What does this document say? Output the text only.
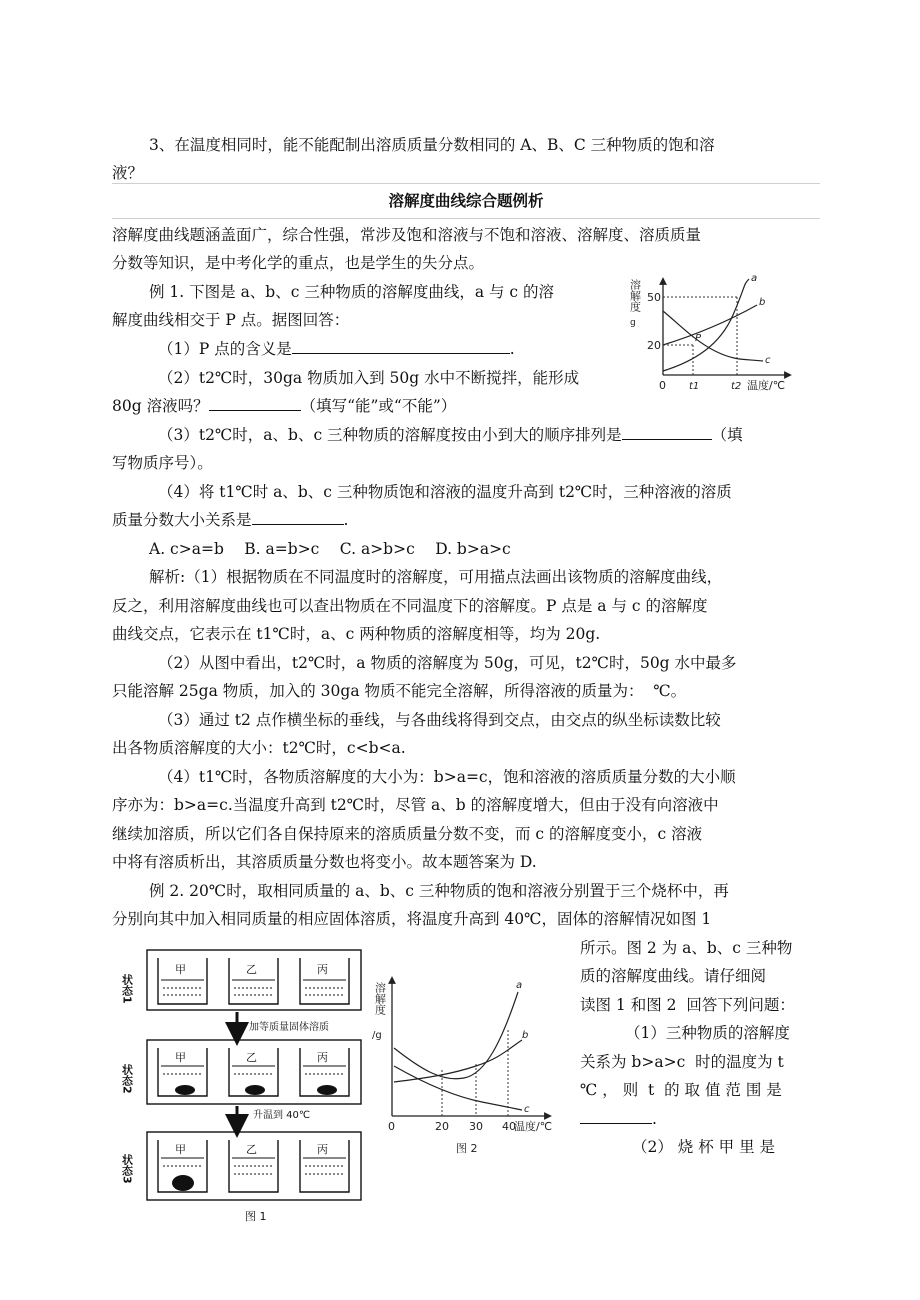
3、在温度相同时，能不能配制出溶质质量分数相同的 A、B、C 三种物质的饱和溶
液？
溶解度曲线综合题例析
溶解度曲线题涵盖面广，综合性强，常涉及饱和溶液与不饱和溶液、溶解度、溶质质量
分数等知识，是中考化学的重点，也是学生的失分点。
例 1. 下图是 a、b、c 三种物质的溶解度曲线，a 与 c 的溶
解度曲线相交于 P 点。据图回答：
（1）P 点的含义是	.
（2）t2℃时，30ga 物质加入到 50g 水中不断搅拌，能形成
80g 溶液吗？	（填写“能”或“不能”）
（3）t2℃时，a、b、c 三种物质的溶解度按由小到大的顺序排列是	（填
写物质序号）。
（4）将 t1℃时 a、b、c 三种物质饱和溶液的温度升高到 t2℃时，三种溶液的溶质
质量分数大小关系是	.
A. c>a=b　 B. a=b>c　 C. a>b>c　 D. b>a>c
解析:（1）根据物质在不同温度时的溶解度，可用描点法画出该物质的溶解度曲线，
反之，利用溶解度曲线也可以查出物质在不同温度下的溶解度。P 点是 a 与 c 的溶解度
曲线交点，它表示在 t1℃时，a、c 两种物质的溶解度相等，均为 20g.
（2）从图中看出，t2℃时，a 物质的溶解度为 50g，可见，t2℃时，50g 水中最多
只能溶解 25ga 物质，加入的 30ga 物质不能完全溶解，所得溶液的质量为：  ℃。
（3）通过 t2 点作横坐标的垂线，与各曲线将得到交点，由交点的纵坐标读数比较
出各物质溶解度的大小：t2℃时，c<b<a.
（4）t1℃时，各物质溶解度的大小为：b>a=c，饱和溶液的溶质质量分数的大小顺
序亦为：b>a=c.当温度升高到 t2℃时，尽管 a、b 的溶解度增大，但由于没有向溶液中
继续加溶质，所以它们各自保持原来的溶质质量分数不变，而 c 的溶解度变小，c 溶液
中将有溶质析出，其溶质质量分数也将变小。故本题答案为 D.
例 2. 20℃时，取相同质量的 a、b、c 三种物质的饱和溶液分别置于三个烧杯中，再
分别向其中加入相同质量的相应固体溶质，将温度升高到 40℃，固体的溶解情况如图 1
所示。图 2 为 a、b、c 三种物
质的溶解度曲线。请仔细阅
读图 1 和图 2  回答下列问题：
（1）三种物质的溶解度
关系为 b>a>c  时的温度为 t
℃ ， 则  t  的 取 值 范 围 是
.
（2） 烧 杯 甲 里 是
溶解度
g
50
20
0 t1	t2 温度/℃
a
b
c
P
状态1
状态2
状态3
甲	乙	丙
加等质量固体溶质
甲	乙	丙
升温到 40℃
甲	乙	丙
图 1
溶解度
/g
0	20 30 40
温度/℃
a
b
c
图 2
